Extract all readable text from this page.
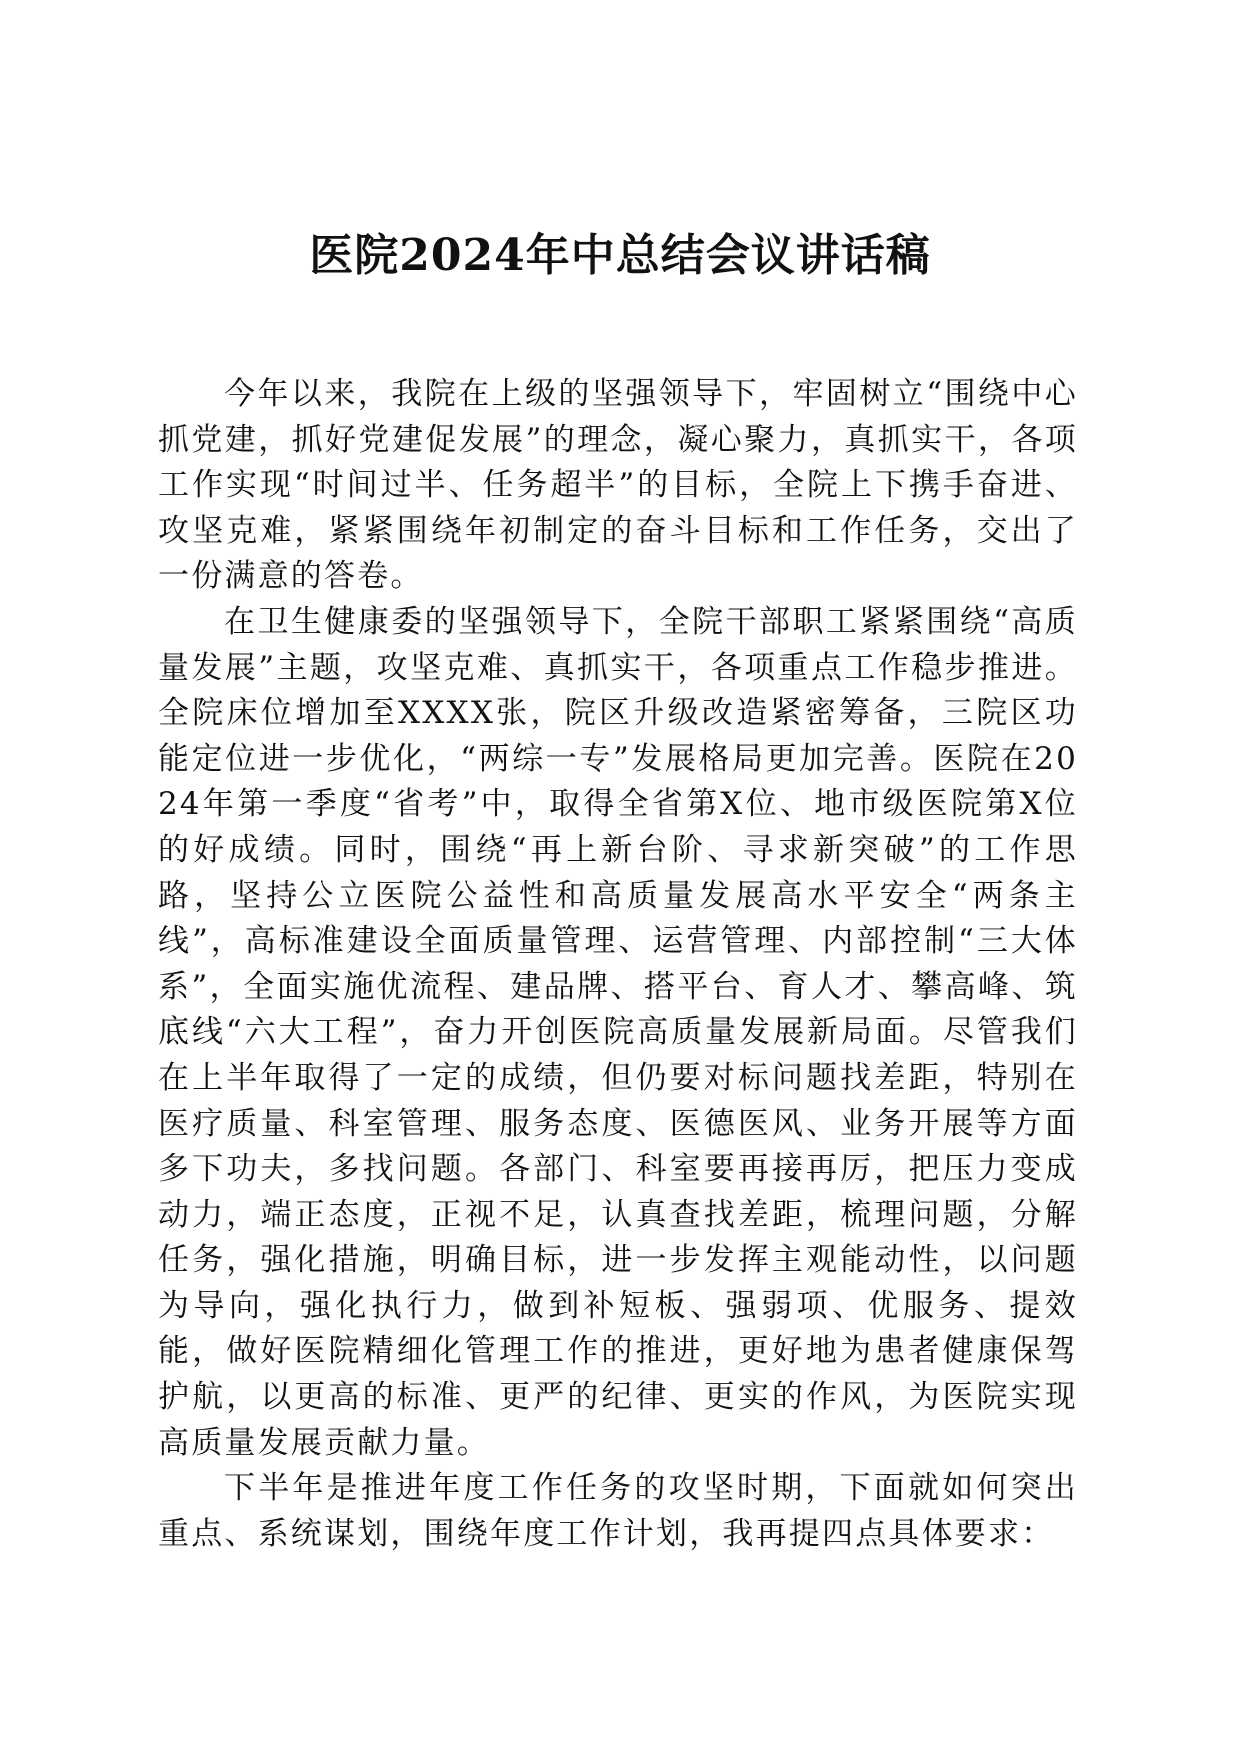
医院2024年中总结会议讲话稿

今年以来，我院在上级的坚强领导下，牢固树立“围绕中心抓党建，抓好党建促发展”的理念，凝心聚力，真抓实干，各项工作实现“时间过半、任务超半”的目标，全院上下携手奋进、攻坚克难，紧紧围绕年初制定的奋斗目标和工作任务，交出了一份满意的答卷。

在卫生健康委的坚强领导下，全院干部职工紧紧围绕“高质量发展”主题，攻坚克难、真抓实干，各项重点工作稳步推进。全院床位增加至XXXX张，院区升级改造紧密筹备，三院区功能定位进一步优化，“两综一专”发展格局更加完善。医院在2024年第一季度“省考”中，取得全省第X位、地市级医院第X位的好成绩。同时，围绕“再上新台阶、寻求新突破”的工作思路，坚持公立医院公益性和高质量发展高水平安全“两条主线”，高标准建设全面质量管理、运营管理、内部控制“三大体系”，全面实施优流程、建品牌、搭平台、育人才、攀高峰、筑底线“六大工程”，奋力开创医院高质量发展新局面。尽管我们在上半年取得了一定的成绩，但仍要对标问题找差距，特别在医疗质量、科室管理、服务态度、医德医风、业务开展等方面多下功夫，多找问题。各部门、科室要再接再厉，把压力变成动力，端正态度，正视不足，认真查找差距，梳理问题，分解任务，强化措施，明确目标，进一步发挥主观能动性，以问题为导向，强化执行力，做到补短板、强弱项、优服务、提效能，做好医院精细化管理工作的推进，更好地为患者健康保驾护航，以更高的标准、更严的纪律、更实的作风，为医院实现高质量发展贡献力量。

下半年是推进年度工作任务的攻坚时期，下面就如何突出重点、系统谋划，围绕年度工作计划，我再提四点具体要求：
